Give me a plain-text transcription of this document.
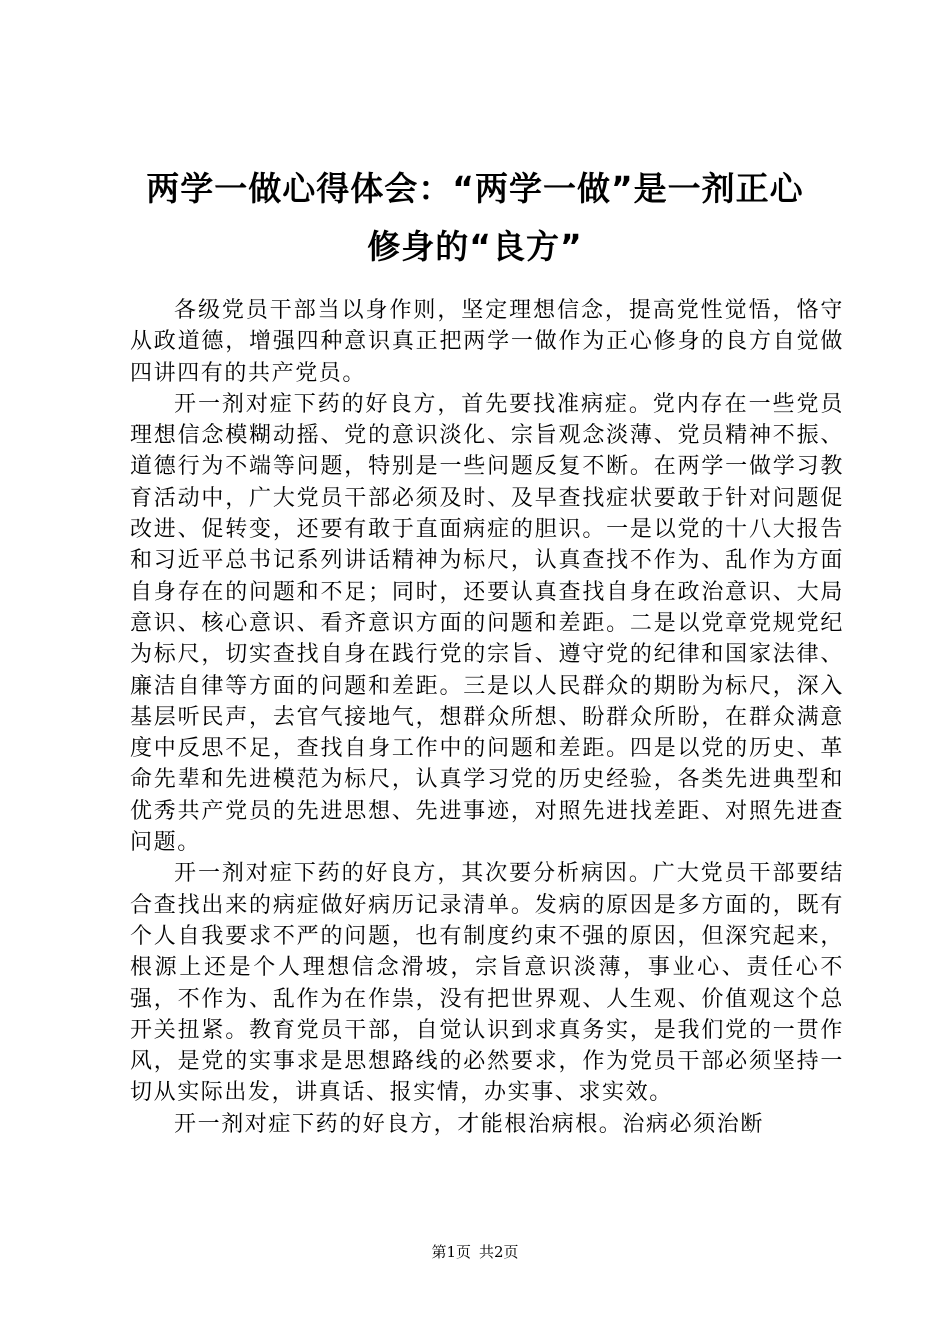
两学一做心得体会：“两学一做”是一剂正心
修身的“良方”

各级党员干部当以身作则，坚定理想信念，提高党性觉悟，恪守从政道德，增强四种意识真正把两学一做作为正心修身的良方自觉做四讲四有的共产党员。

开一剂对症下药的好良方，首先要找准病症。党内存在一些党员理想信念模糊动摇、党的意识淡化、宗旨观念淡薄、党员精神不振、道德行为不端等问题，特别是一些问题反复不断。在两学一做学习教育活动中，广大党员干部必须及时、及早查找症状要敢于针对问题促改进、促转变，还要有敢于直面病症的胆识。一是以党的十八大报告和习近平总书记系列讲话精神为标尺，认真查找不作为、乱作为方面自身存在的问题和不足；同时，还要认真查找自身在政治意识、大局意识、核心意识、看齐意识方面的问题和差距。二是以党章党规党纪为标尺，切实查找自身在践行党的宗旨、遵守党的纪律和国家法律、廉洁自律等方面的问题和差距。三是以人民群众的期盼为标尺，深入基层听民声，去官气接地气，想群众所想、盼群众所盼，在群众满意度中反思不足，查找自身工作中的问题和差距。四是以党的历史、革命先辈和先进模范为标尺，认真学习党的历史经验，各类先进典型和优秀共产党员的先进思想、先进事迹，对照先进找差距、对照先进查问题。

开一剂对症下药的好良方，其次要分析病因。广大党员干部要结合查找出来的病症做好病历记录清单。发病的原因是多方面的，既有个人自我要求不严的问题，也有制度约束不强的原因，但深究起来，根源上还是个人理想信念滑坡，宗旨意识淡薄，事业心、责任心不强，不作为、乱作为在作祟，没有把世界观、人生观、价值观这个总开关扭紧。教育党员干部，自觉认识到求真务实，是我们党的一贯作风，是党的实事求是思想路线的必然要求，作为党员干部必须坚持一切从实际出发，讲真话、报实情，办实事、求实效。

开一剂对症下药的好良方，才能根治病根。治病必须治断

第1页 共2页
